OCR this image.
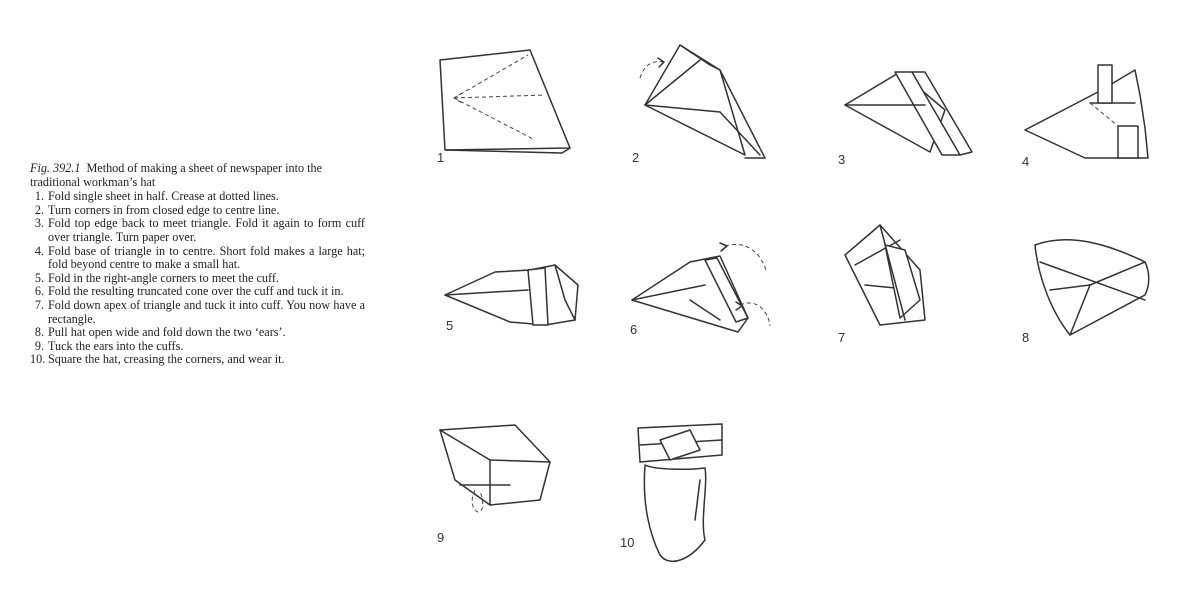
Fig. 392.1 Method of making a sheet of newspaper into the traditional workman’s hat
1. Fold single sheet in half. Crease at dotted lines.
2. Turn corners in from closed edge to centre line.
3. Fold top edge back to meet triangle. Fold it again to form cuff over triangle. Turn paper over.
4. Fold base of triangle in to centre. Short fold makes a large hat; fold beyond centre to make a small hat.
5. Fold in the right-angle corners to meet the cuff.
6. Fold the resulting truncated cone over the cuff and tuck it in.
7. Fold down apex of triangle and tuck it into cuff. You now have a rectangle.
8. Pull hat open wide and fold down the two ‘ears’.
9. Tuck the ears into the cuffs.
10. Square the hat, creasing the corners, and wear it.
1	2	3	4
5	6
7	8
9	10
